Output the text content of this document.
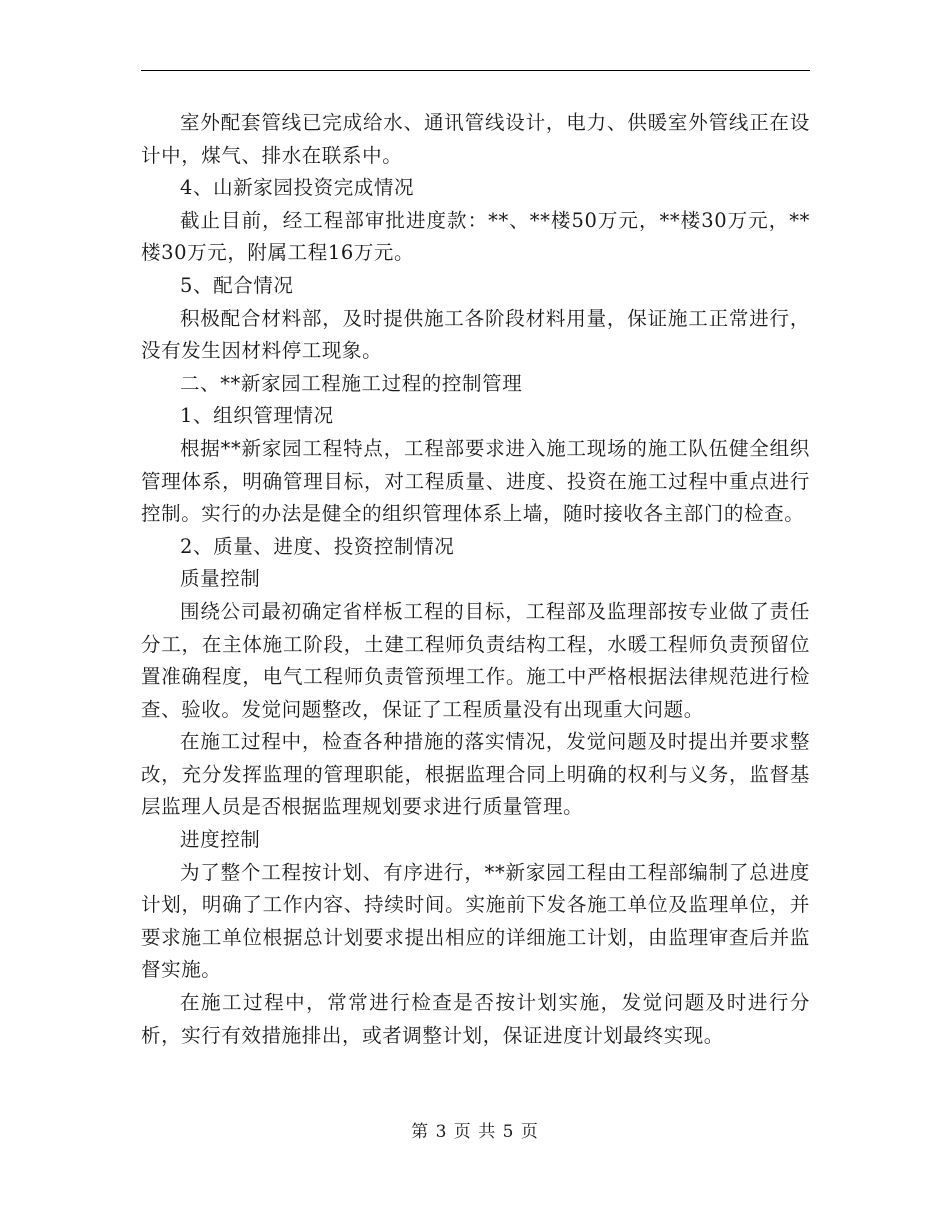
室外配套管线已完成给水、通讯管线设计，电力、供暖室外管线正在设计中，煤气、排水在联系中。

4、山新家园投资完成情况

截止目前，经工程部审批进度款：**、**楼50万元，**楼30万元，**楼30万元，附属工程16万元。

5、配合情况

积极配合材料部，及时提供施工各阶段材料用量，保证施工正常进行，没有发生因材料停工现象。

二、**新家园工程施工过程的控制管理

1、组织管理情况

根据**新家园工程特点，工程部要求进入施工现场的施工队伍健全组织管理体系，明确管理目标，对工程质量、进度、投资在施工过程中重点进行控制。实行的办法是健全的组织管理体系上墙，随时接收各主部门的检查。

2、质量、进度、投资控制情况

质量控制

围绕公司最初确定省样板工程的目标，工程部及监理部按专业做了责任分工，在主体施工阶段，土建工程师负责结构工程，水暖工程师负责预留位置准确程度，电气工程师负责管预埋工作。施工中严格根据法律规范进行检查、验收。发觉问题整改，保证了工程质量没有出现重大问题。

在施工过程中，检查各种措施的落实情况，发觉问题及时提出并要求整改，充分发挥监理的管理职能，根据监理合同上明确的权利与义务，监督基层监理人员是否根据监理规划要求进行质量管理。

进度控制

为了整个工程按计划、有序进行，**新家园工程由工程部编制了总进度计划，明确了工作内容、持续时间。实施前下发各施工单位及监理单位，并要求施工单位根据总计划要求提出相应的详细施工计划，由监理审查后并监督实施。

在施工过程中，常常进行检查是否按计划实施，发觉问题及时进行分析，实行有效措施排出，或者调整计划，保证进度计划最终实现。

第 3 页 共 5 页
